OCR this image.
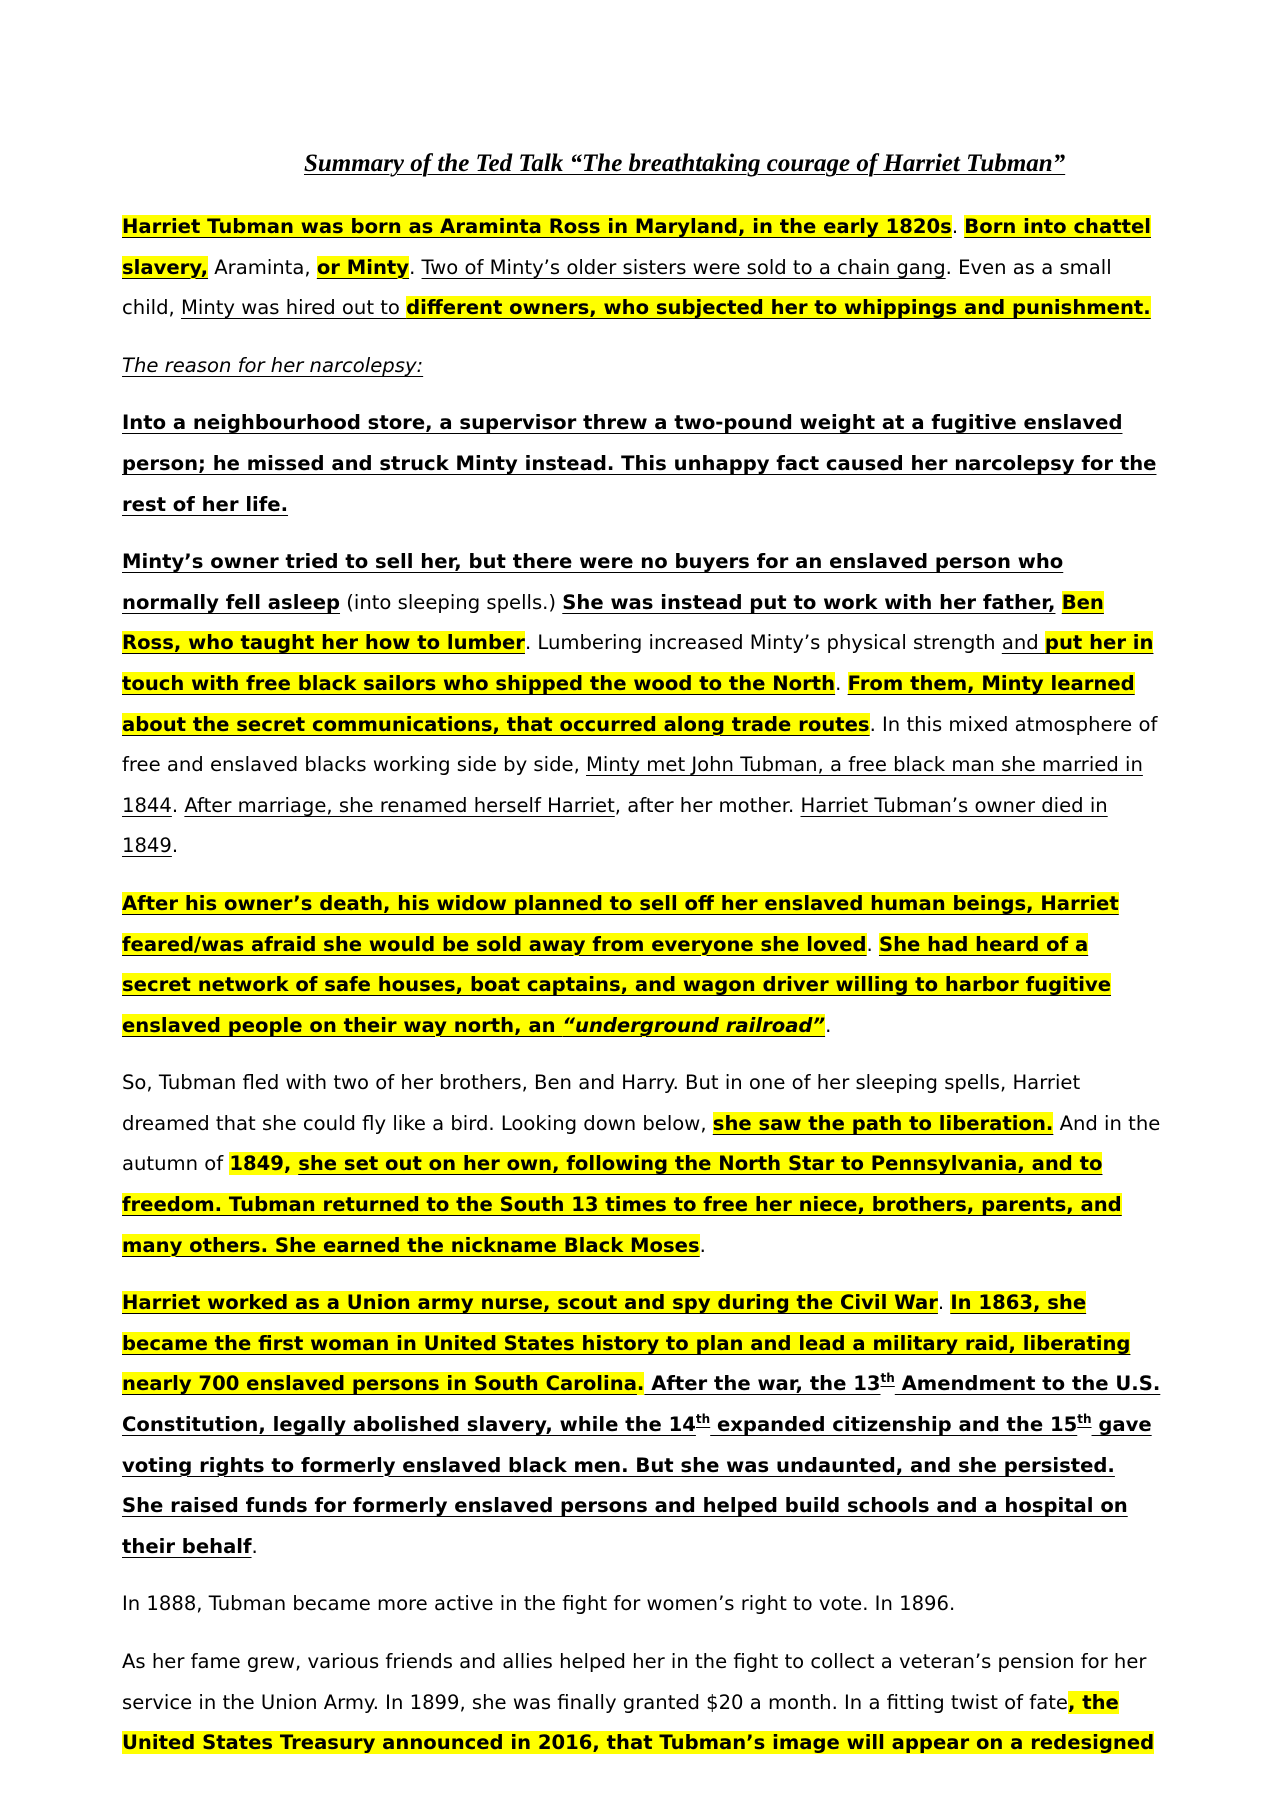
Summary of the Ted Talk “The breathtaking courage of Harriet Tubman”

Harriet Tubman was born as Araminta Ross in Maryland, in the early 1820s. Born into chattel slavery, Araminta, or Minty. Two of Minty’s older sisters were sold to a chain gang. Even as a small child, Minty was hired out to different owners, who subjected her to whippings and punishment.

The reason for her narcolepsy:

Into a neighbourhood store, a supervisor threw a two-pound weight at a fugitive enslaved person; he missed and struck Minty instead. This unhappy fact caused her narcolepsy for the rest of her life.

Minty’s owner tried to sell her, but there were no buyers for an enslaved person who normally fell asleep (into sleeping spells.) She was instead put to work with her father, Ben Ross, who taught her how to lumber. Lumbering increased Minty’s physical strength and put her in touch with free black sailors who shipped the wood to the North. From them, Minty learned about the secret communications, that occurred along trade routes. In this mixed atmosphere of free and enslaved blacks working side by side, Minty met John Tubman, a free black man she married in 1844. After marriage, she renamed herself Harriet, after her mother. Harriet Tubman’s owner died in 1849.

After his owner’s death, his widow planned to sell off her enslaved human beings, Harriet feared/was afraid she would be sold away from everyone she loved. She had heard of a secret network of safe houses, boat captains, and wagon driver willing to harbor fugitive enslaved people on their way north, an “underground railroad”.

So, Tubman fled with two of her brothers, Ben and Harry. But in one of her sleeping spells, Harriet dreamed that she could fly like a bird. Looking down below, she saw the path to liberation. And in the autumn of 1849, she set out on her own, following the North Star to Pennsylvania, and to freedom. Tubman returned to the South 13 times to free her niece, brothers, parents, and many others. She earned the nickname Black Moses.

Harriet worked as a Union army nurse, scout and spy during the Civil War. In 1863, she became the first woman in United States history to plan and lead a military raid, liberating nearly 700 enslaved persons in South Carolina. After the war, the 13th Amendment to the U.S. Constitution, legally abolished slavery, while the 14th expanded citizenship and the 15th gave voting rights to formerly enslaved black men. But she was undaunted, and she persisted. She raised funds for formerly enslaved persons and helped build schools and a hospital on their behalf.

In 1888, Tubman became more active in the fight for women’s right to vote. In 1896.

As her fame grew, various friends and allies helped her in the fight to collect a veteran’s pension for her service in the Union Army. In 1899, she was finally granted $20 a month. In a fitting twist of fate, the United States Treasury announced in 2016, that Tubman’s image will appear on a redesigned
